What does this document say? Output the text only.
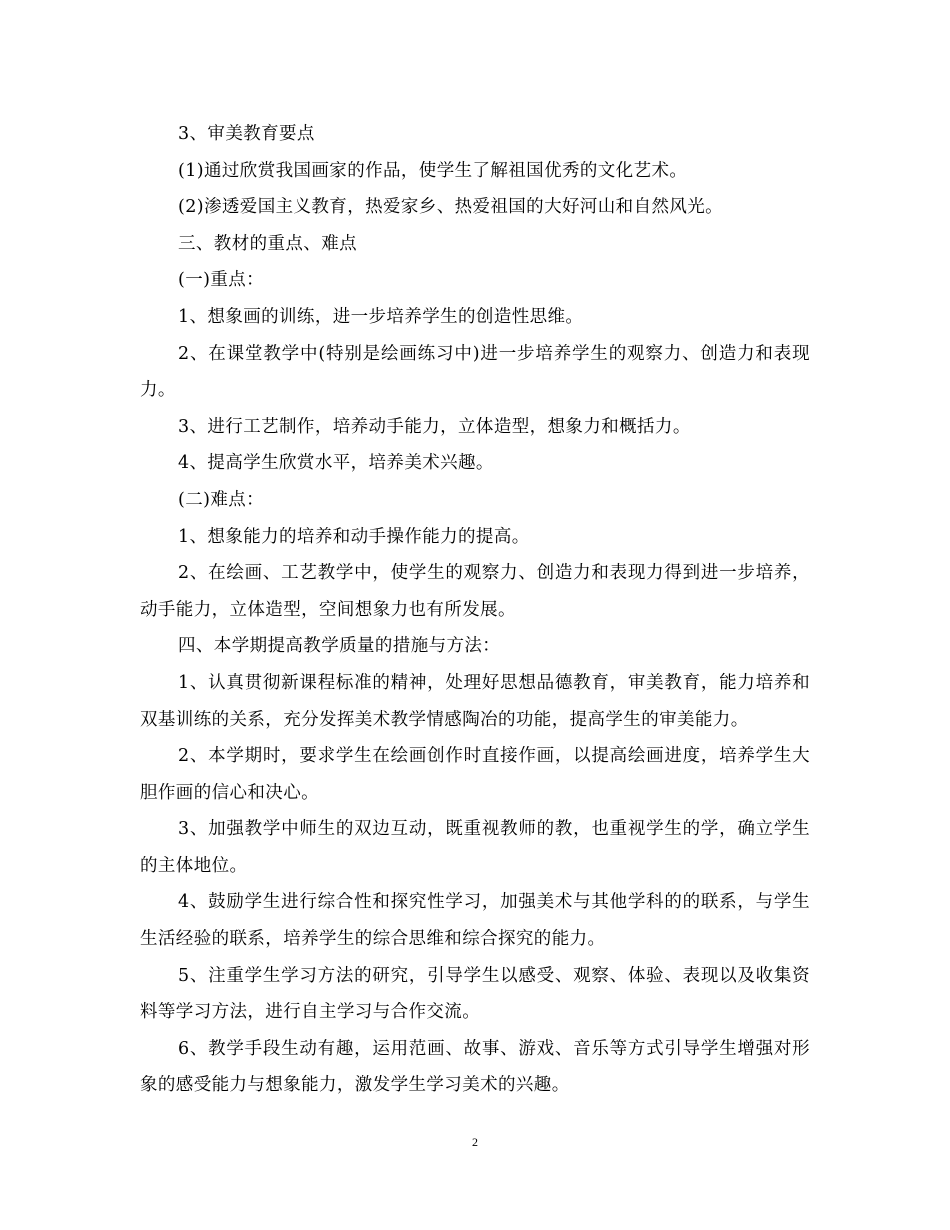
3、审美教育要点

(1)通过欣赏我国画家的作品，使学生了解祖国优秀的文化艺术。

(2)渗透爱国主义教育，热爱家乡、热爱祖国的大好河山和自然风光。

三、教材的重点、难点

(一)重点：

1、想象画的训练，进一步培养学生的创造性思维。

2、在课堂教学中(特别是绘画练习中)进一步培养学生的观察力、创造力和表现力。

3、进行工艺制作，培养动手能力，立体造型，想象力和概括力。

4、提高学生欣赏水平，培养美术兴趣。

(二)难点：

1、想象能力的培养和动手操作能力的提高。

2、在绘画、工艺教学中，使学生的观察力、创造力和表现力得到进一步培养，动手能力，立体造型，空间想象力也有所发展。

四、本学期提高教学质量的措施与方法：

1、认真贯彻新课程标准的精神，处理好思想品德教育，审美教育，能力培养和双基训练的关系，充分发挥美术教学情感陶冶的功能，提高学生的审美能力。

2、本学期时，要求学生在绘画创作时直接作画，以提高绘画进度，培养学生大胆作画的信心和决心。

3、加强教学中师生的双边互动，既重视教师的教，也重视学生的学，确立学生的主体地位。

4、鼓励学生进行综合性和探究性学习，加强美术与其他学科的的联系，与学生生活经验的联系，培养学生的综合思维和综合探究的能力。

5、注重学生学习方法的研究，引导学生以感受、观察、体验、表现以及收集资料等学习方法，进行自主学习与合作交流。

6、教学手段生动有趣，运用范画、故事、游戏、音乐等方式引导学生增强对形象的感受能力与想象能力，激发学生学习美术的兴趣。

2
